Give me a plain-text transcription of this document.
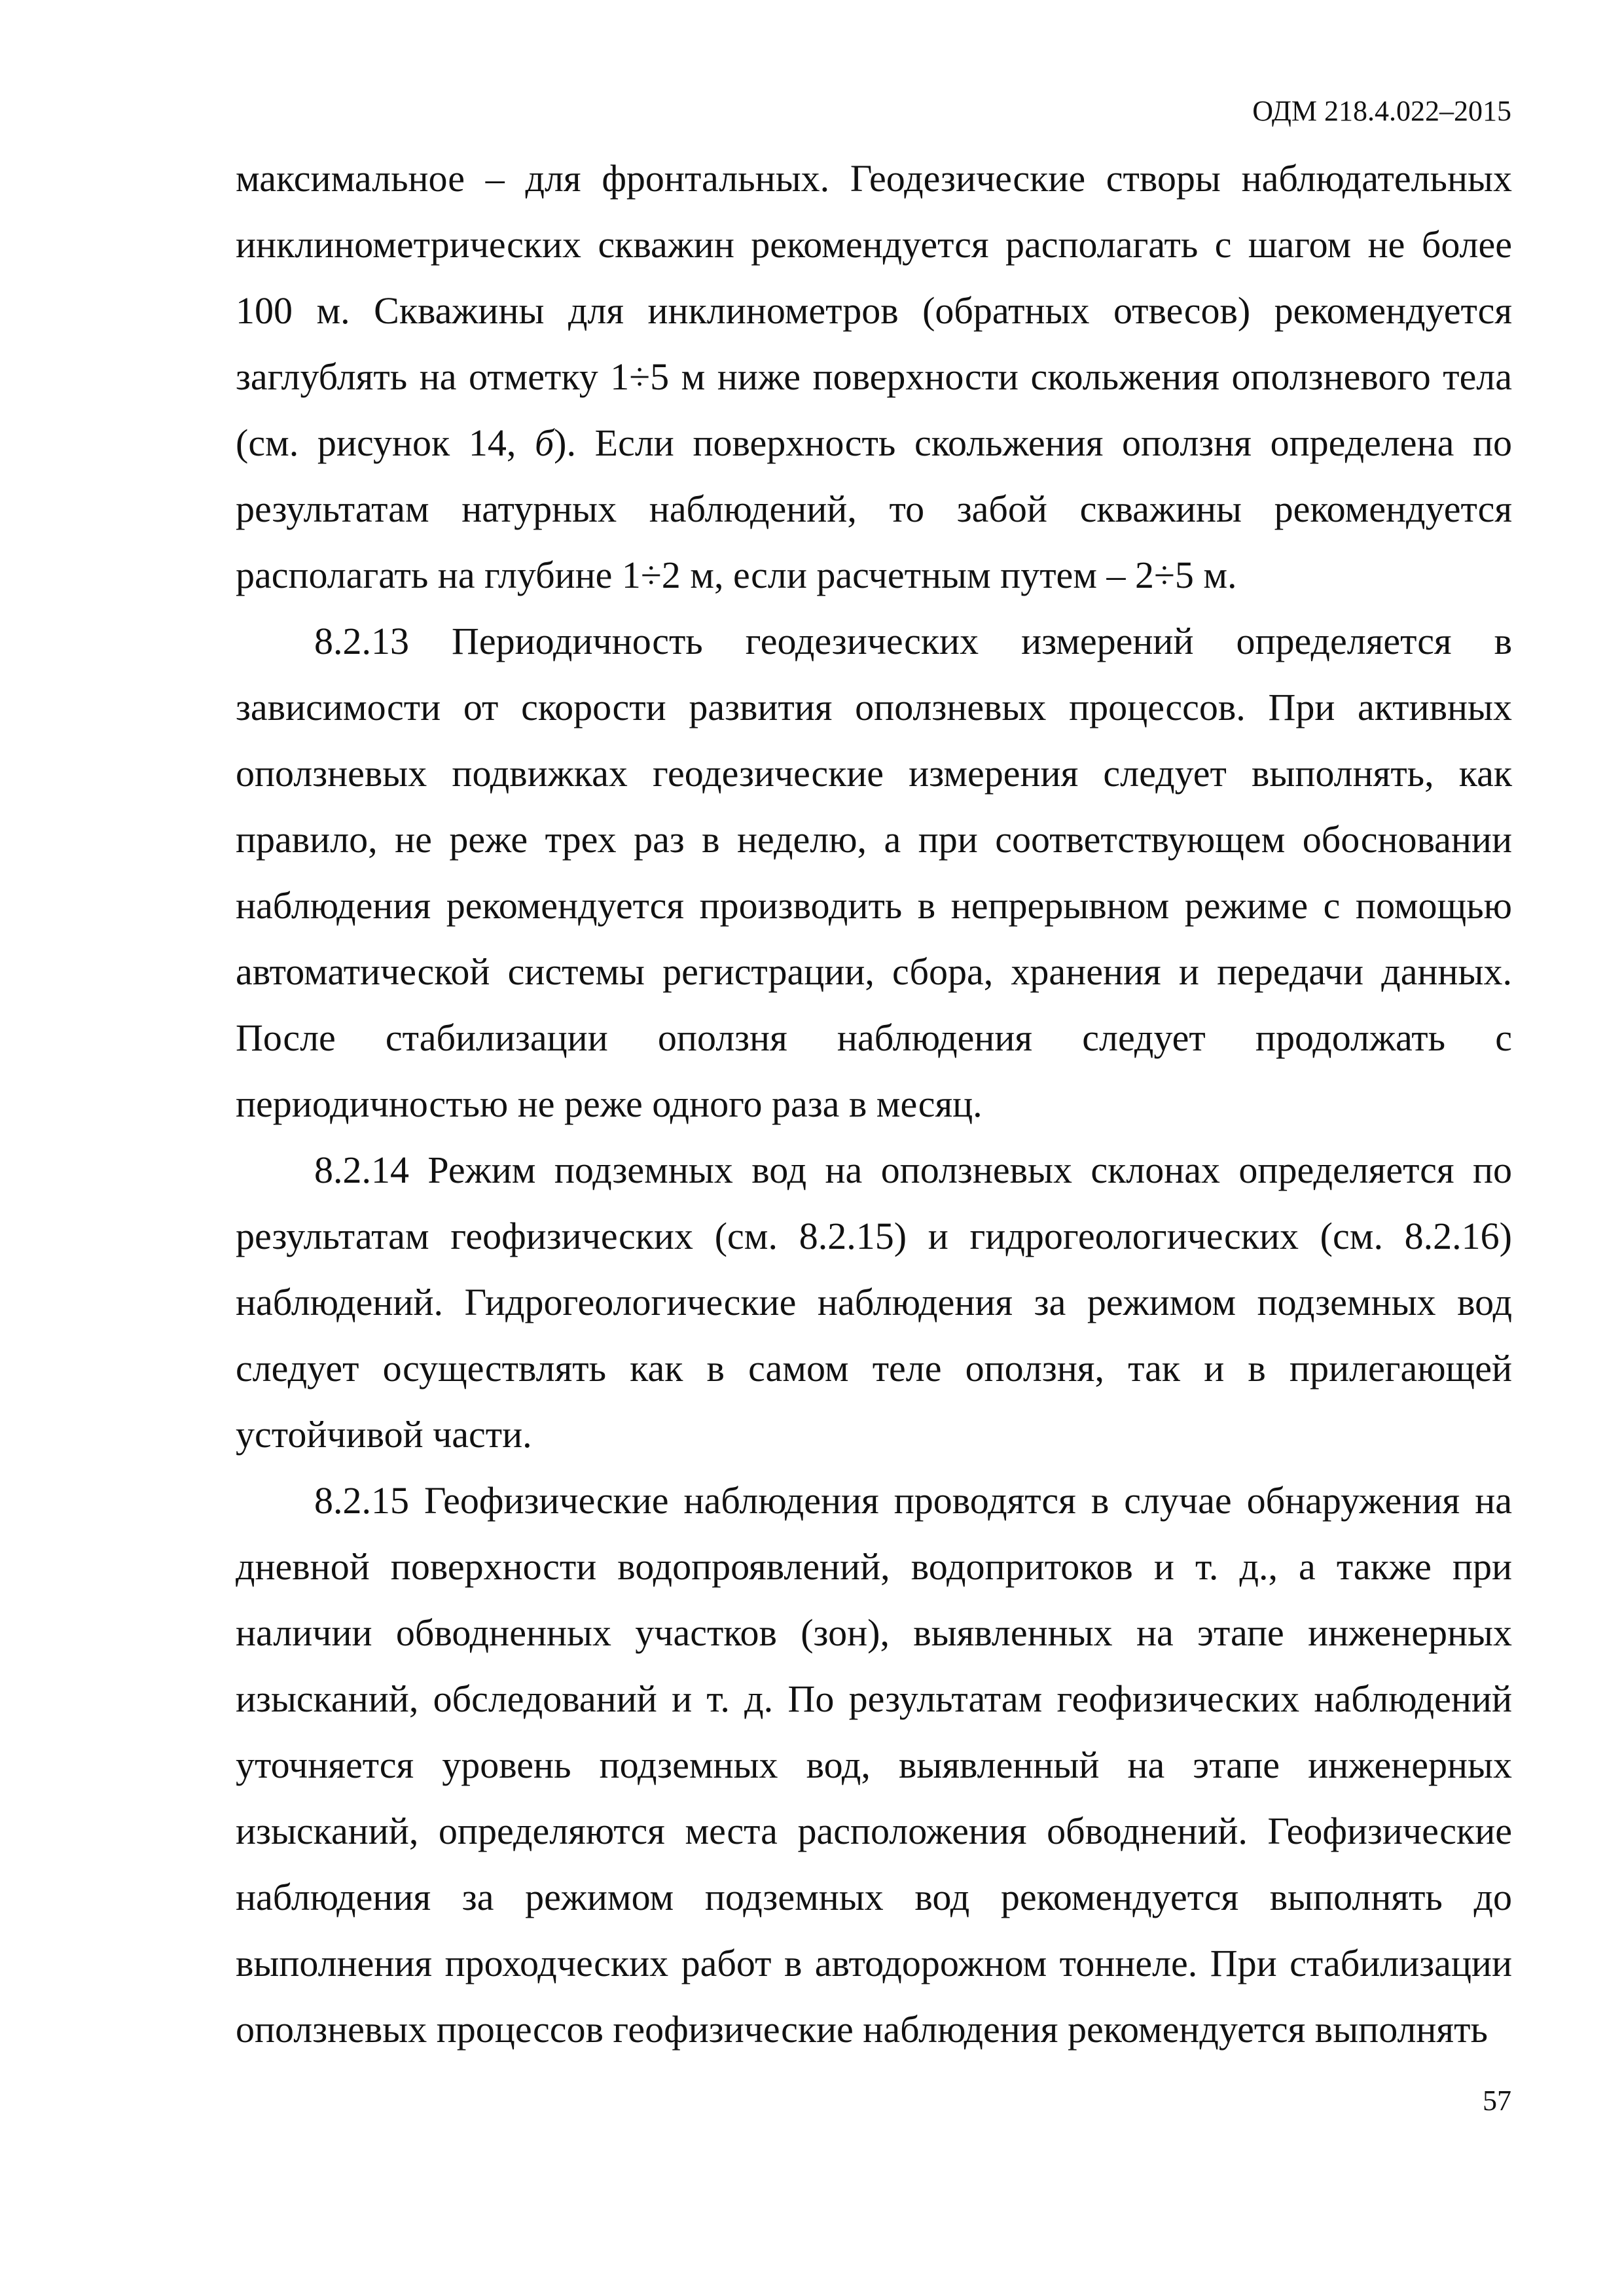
ОДМ 218.4.022–2015

максимальное – для фронтальных. Геодезические створы наблюдательных инклинометрических скважин рекомендуется располагать с шагом не более 100 м. Скважины для инклинометров (обратных отвесов) рекомендуется заглублять на отметку 1÷5 м ниже поверхности скольжения оползневого тела (см. рисунок 14, б). Если поверхность скольжения оползня определена по результатам натурных наблюдений, то забой скважины рекомендуется располагать на глубине 1÷2 м, если расчетным путем – 2÷5 м.

8.2.13 Периодичность геодезических измерений определяется в зависимости от скорости развития оползневых процессов. При активных оползневых подвижках геодезические измерения следует выполнять, как правило, не реже трех раз в неделю, а при соответствующем обосновании наблюдения рекомендуется производить в непрерывном режиме с помощью автоматической системы регистрации, сбора, хранения и передачи данных. После стабилизации оползня наблюдения следует продолжать с периодичностью не реже одного раза в месяц.

8.2.14 Режим подземных вод на оползневых склонах определяется по результатам геофизических (см. 8.2.15) и гидрогеологических (см. 8.2.16) наблюдений. Гидрогеологические наблюдения за режимом подземных вод следует осуществлять как в самом теле оползня, так и в прилегающей устойчивой части.

8.2.15 Геофизические наблюдения проводятся в случае обнаружения на дневной поверхности водопроявлений, водопритоков и т. д., а также при наличии обводненных участков (зон), выявленных на этапе инженерных изысканий, обследований и т. д. По результатам геофизических наблюдений уточняется уровень подземных вод, выявленный на этапе инженерных изысканий, определяются места расположения обводнений. Геофизические наблюдения за режимом подземных вод рекомендуется выполнять до выполнения проходческих работ в автодорожном тоннеле. При стабилизации оползневых процессов геофизические наблюдения рекомендуется выполнять

57
